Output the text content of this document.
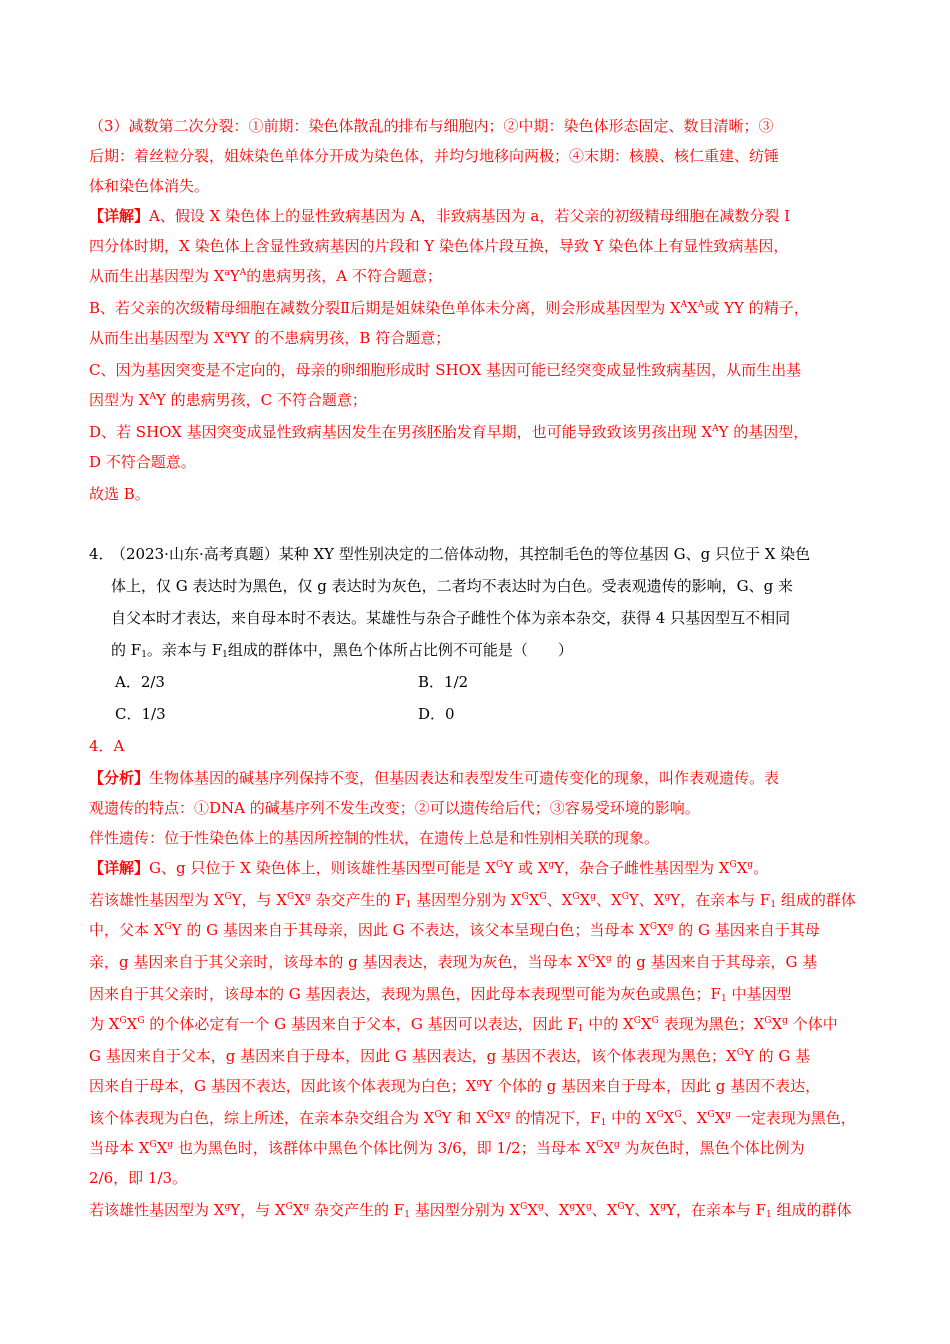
（3）减数第二次分裂：①前期：染色体散乱的排布与细胞内；②中期：染色体形态固定、数目清晰；③
后期：着丝粒分裂，姐妹染色单体分开成为染色体，并均匀地移向两极；④末期：核膜、核仁重建、纺锤
体和染色体消失。
【详解】A、假设 X 染色体上的显性致病基因为 A，非致病基因为 a，若父亲的初级精母细胞在减数分裂 I
四分体时期，X 染色体上含显性致病基因的片段和 Y 染色体片段互换，导致 Y 染色体上有显性致病基因，
从而生出基因型为 $X^aY^A$的患病男孩，A 不符合题意；
B、若父亲的次级精母细胞在减数分裂Ⅱ后期是姐妹染色单体未分离，则会形成基因型为 $X^AX^A$或 YY 的精子，
从而生出基因型为 $X^aYY$ 的不患病男孩，B 符合题意；
C、因为基因突变是不定向的，母亲的卵细胞形成时 SHOX 基因可能已经突变成显性致病基因，从而生出基
因型为 $X^AY$ 的患病男孩，C 不符合题意；
D、若 SHOX 基因突变成显性致病基因发生在男孩胚胎发育早期，也可能导致致该男孩出现 $X^AY$ 的基因型，
D 不符合题意。
故选 B。
4．
（2023·山东·高考真题）某种 XY 型性别决定的二倍体动物，其控制毛色的等位基因 G、g 只位于 X 染色
体上，仅 G 表达时为黑色，仅 g 表达时为灰色，二者均不表达时为白色。受表观遗传的影响，G、g 来
自父本时才表达，来自母本时不表达。某雄性与杂合子雌性个体为亲本杂交，获得 4 只基因型互不相同
的 $F_1$。亲本与 $F_1$组成的群体中，黑色个体所占比例不可能是（　　）
A．2/3	B．1/2
C．1/3	D．0
4．A
【分析】生物体基因的碱基序列保持不变，但基因表达和表型发生可遗传变化的现象，叫作表观遗传。表
观遗传的特点：①DNA 的碱基序列不发生改变；②可以遗传给后代；③容易受环境的影响。
伴性遗传：位于性染色体上的基因所控制的性状，在遗传上总是和性别相关联的现象。
【详解】G、g 只位于 X 染色体上，则该雄性基因型可能是 $X^GY$ 或 $X^gY$，杂合子雌性基因型为 $X^GX^g$。
若该雄性基因型为 $X^GY$，与 $X^GX^g$ 杂交产生的 $F_1$ 基因型分别为 $X^GX^G$、$X^GX^g$、$X^GY$、$X^gY$，在亲本与 $F_1$ 组成的群体
中，父本 $X^GY$ 的 G 基因来自于其母亲，因此 G 不表达，该父本呈现白色；当母本 $X^GX^g$ 的 G 基因来自于其母
亲，g 基因来自于其父亲时，该母本的 g 基因表达，表现为灰色，当母本 $X^GX^g$ 的 g 基因来自于其母亲，G 基
因来自于其父亲时，该母本的 G 基因表达，表现为黑色，因此母本表现型可能为灰色或黑色；$F_1$ 中基因型
为 $X^GX^G$ 的个体必定有一个 G 基因来自于父本，G 基因可以表达，因此 $F_1$ 中的 $X^GX^G$ 表现为黑色；$X^GX^g$ 个体中
G 基因来自于父本，g 基因来自于母本，因此 G 基因表达，g 基因不表达，该个体表现为黑色；$X^GY$ 的 G 基
因来自于母本，G 基因不表达，因此该个体表现为白色；$X^gY$ 个体的 g 基因来自于母本，因此 g 基因不表达，
该个体表现为白色，综上所述，在亲本杂交组合为 $X^GY$ 和 $X^GX^g$ 的情况下，$F_1$ 中的 $X^GX^G$、$X^GX^g$ 一定表现为黑色，
当母本 $X^GX^g$ 也为黑色时，该群体中黑色个体比例为 3/6，即 1/2；当母本 $X^GX^g$ 为灰色时，黑色个体比例为
2/6，即 1/3。
若该雄性基因型为 $X^gY$，与 $X^GX^g$ 杂交产生的 $F_1$ 基因型分别为 $X^GX^g$、$X^gX^g$、$X^GY$、$X^gY$，在亲本与 $F_1$ 组成的群体
